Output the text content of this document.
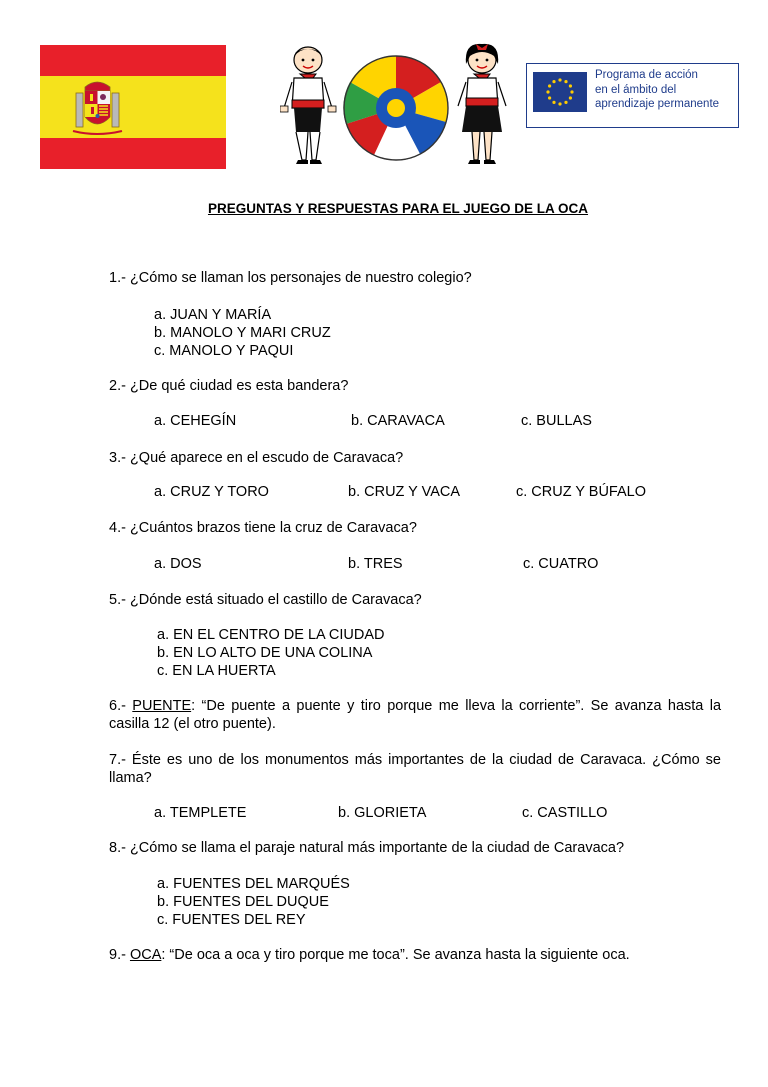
Programa de acción
en el ámbito del
aprendizaje permanente
PREGUNTAS Y RESPUESTAS PARA EL JUEGO DE LA OCA
1.- ¿Cómo se llaman los personajes de nuestro colegio?
a. JUAN Y MARÍA
b. MANOLO Y MARI CRUZ
c. MANOLO Y PAQUI
2.- ¿De qué ciudad es esta bandera?
a. CEHEGÍN	b. CARAVACA	c. BULLAS
3.- ¿Qué aparece en el escudo de Caravaca?
a. CRUZ Y TORO	b. CRUZ Y VACA	c. CRUZ Y BÚFALO
4.- ¿Cuántos brazos tiene la cruz de Caravaca?
a. DOS	b. TRES	c. CUATRO
5.- ¿Dónde está situado el castillo de Caravaca?
a. EN EL CENTRO DE LA CIUDAD
b. EN LO ALTO DE UNA COLINA
c. EN LA HUERTA
6.- PUENTE: “De puente a puente y tiro porque me lleva la corriente”. Se avanza hasta la casilla 12 (el otro puente).
7.- Éste es uno de los monumentos más importantes de la ciudad de Caravaca. ¿Cómo se llama?
a. TEMPLETE	b. GLORIETA	c. CASTILLO
8.- ¿Cómo se llama el paraje natural más importante de la ciudad de Caravaca?
a. FUENTES DEL MARQUÉS
b. FUENTES DEL DUQUE
c. FUENTES DEL REY
9.- OCA: “De oca a oca y tiro porque me toca”. Se avanza hasta la siguiente oca.
